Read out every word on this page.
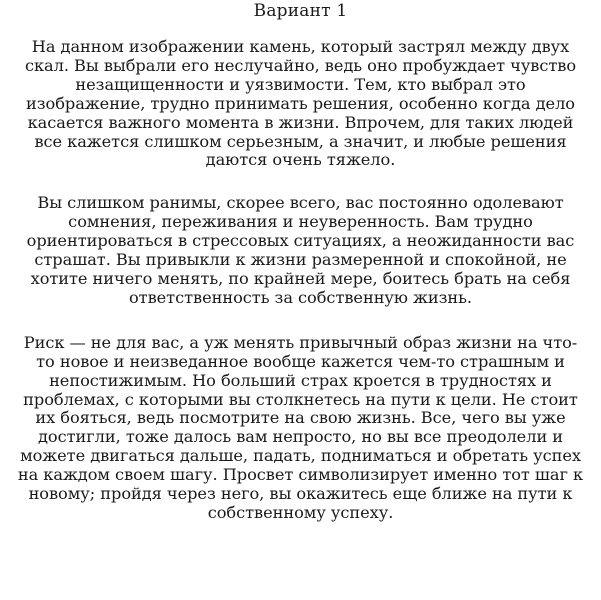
Вариант 1

На данном изображении камень, который застрял между двух скал. Вы выбрали его неслучайно, ведь оно пробуждает чувство незащищенности и уязвимости. Тем, кто выбрал это изображение, трудно принимать решения, особенно когда дело касается важного момента в жизни. Впрочем, для таких людей все кажется слишком серьезным, а значит, и любые решения даются очень тяжело.

Вы слишком ранимы, скорее всего, вас постоянно одолевают сомнения, переживания и неуверенность. Вам трудно ориентироваться в стрессовых ситуациях, а неожиданности вас страшат. Вы привыкли к жизни размеренной и спокойной, не хотите ничего менять, по крайней мере, боитесь брать на себя ответственность за собственную жизнь.

Риск — не для вас, а уж менять привычный образ жизни на что-то новое и неизведанное вообще кажется чем-то страшным и непостижимым. Но больший страх кроется в трудностях и проблемах, с которыми вы столкнетесь на пути к цели. Не стоит их бояться, ведь посмотрите на свою жизнь. Все, чего вы уже достигли, тоже далось вам непросто, но вы все преодолели и можете двигаться дальше, падать, подниматься и обретать успех на каждом своем шагу. Просвет символизирует именно тот шаг к новому; пройдя через него, вы окажитесь еще ближе на пути к собственному успеху.
